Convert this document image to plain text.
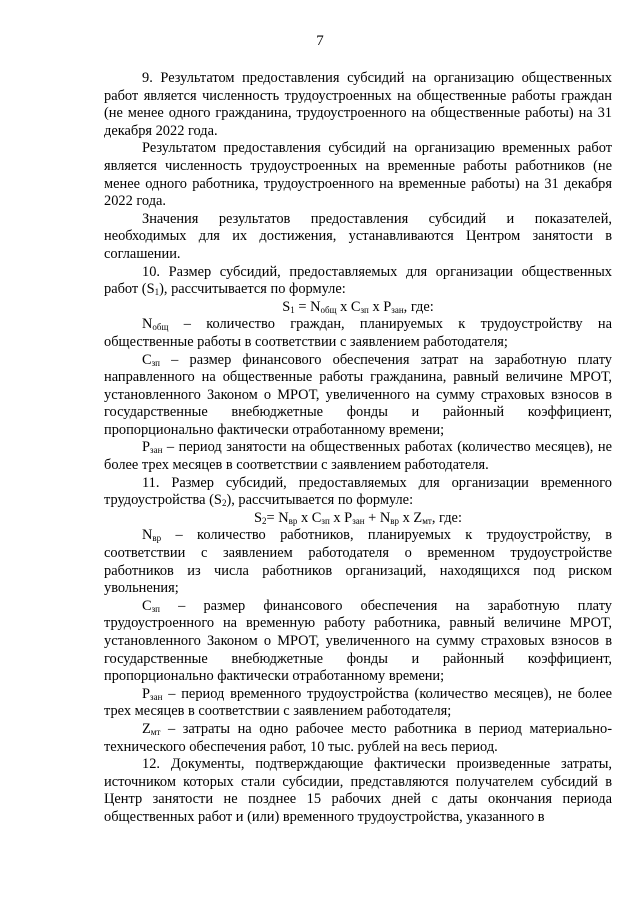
7

9. Результатом предоставления субсидий на организацию общественных работ является численность трудоустроенных на общественные работы граждан (не менее одного гражданина, трудоустроенного на общественные работы) на 31 декабря 2022 года.

Результатом предоставления субсидий на организацию временных работ является численность трудоустроенных на временные работы работников (не менее одного работника, трудоустроенного на временные работы) на 31 декабря 2022 года.

Значения результатов предоставления субсидий и показателей, необходимых для их достижения, устанавливаются Центром занятости в соглашении.

10. Размер субсидий, предоставляемых для организации общественных работ $(S_1)$, рассчитывается по формуле:

$S_1 = N_{общ}$ x $C_{зп}$ x $P_{зан}$, где:

$N_{общ}$ – количество граждан, планируемых к трудоустройству на общественные работы в соответствии с заявлением работодателя;

$С_{зп}$ – размер финансового обеспечения затрат на заработную плату направленного на общественные работы гражданина, равный величине МРОТ, установленного Законом о МРОТ, увеличенного на сумму страховых взносов в государственные внебюджетные фонды и районный коэффициент, пропорционально фактически отработанному времени;

$Р_{зан}$ – период занятости на общественных работах (количество месяцев), не более трех месяцев в соответствии с заявлением работодателя.

11. Размер субсидий, предоставляемых для организации временного трудоустройства $(S_2)$, рассчитывается по формуле:

$S_2= N_{вр}$ x $C_{зп}$ x $P_{зан} + N_{вр}$ x $Z_{мт}$, где:

$N_{вр}$ – количество работников, планируемых к трудоустройству, в соответствии с заявлением работодателя о временном трудоустройстве работников из числа работников организаций, находящихся под риском увольнения;

$С_{зп}$ – размер финансового обеспечения на заработную плату трудоустроенного на временную работу работника, равный величине МРОТ, установленного Законом о МРОТ, увеличенного на сумму страховых взносов в государственные внебюджетные фонды и районный коэффициент, пропорционально фактически отработанному времени;

$Р_{зан}$ – период временного трудоустройства (количество месяцев), не более трех месяцев в соответствии с заявлением работодателя;

$Z_{мт}$ – затраты на одно рабочее место работника в период материально-технического обеспечения работ, 10 тыс. рублей на весь период.

12. Документы, подтверждающие фактически произведенные затраты, источником которых стали субсидии, представляются получателем субсидий в Центр занятости не позднее 15 рабочих дней с даты окончания периода общественных работ и (или) временного трудоустройства, указанного в
